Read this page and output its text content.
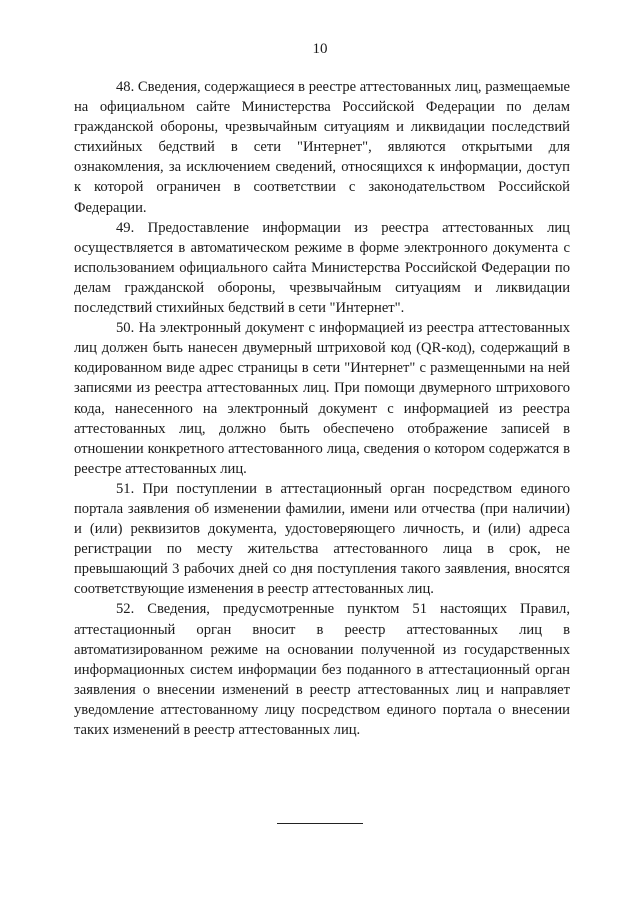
10

48. Сведения, содержащиеся в реестре аттестованных лиц, размещаемые на официальном сайте Министерства Российской Федерации по делам гражданской обороны, чрезвычайным ситуациям и ликвидации последствий стихийных бедствий в сети "Интернет", являются открытыми для ознакомления, за исключением сведений, относящихся к информации, доступ к которой ограничен в соответствии с законодательством Российской Федерации.

49. Предоставление информации из реестра аттестованных лиц осуществляется в автоматическом режиме в форме электронного документа с использованием официального сайта Министерства Российской Федерации по делам гражданской обороны, чрезвычайным ситуациям и ликвидации последствий стихийных бедствий в сети "Интернет".

50. На электронный документ с информацией из реестра аттестованных лиц должен быть нанесен двумерный штриховой код (QR-код), содержащий в кодированном виде адрес страницы в сети "Интернет" с размещенными на ней записями из реестра аттестованных лиц. При помощи двумерного штрихового кода, нанесенного на электронный документ с информацией из реестра аттестованных лиц, должно быть обеспечено отображение записей в отношении конкретного аттестованного лица, сведения о котором содержатся в реестре аттестованных лиц.

51. При поступлении в аттестационный орган посредством единого портала заявления об изменении фамилии, имени или отчества (при наличии) и (или) реквизитов документа, удостоверяющего личность, и (или) адреса регистрации по месту жительства аттестованного лица в срок, не превышающий 3 рабочих дней со дня поступления такого заявления, вносятся соответствующие изменения в реестр аттестованных лиц.

52. Сведения, предусмотренные пунктом 51 настоящих Правил, аттестационный орган вносит в реестр аттестованных лиц в автоматизированном режиме на основании полученной из государственных информационных систем информации без поданного в аттестационный орган заявления о внесении изменений в реестр аттестованных лиц и направляет уведомление аттестованному лицу посредством единого портала о внесении таких изменений в реестр аттестованных лиц.
